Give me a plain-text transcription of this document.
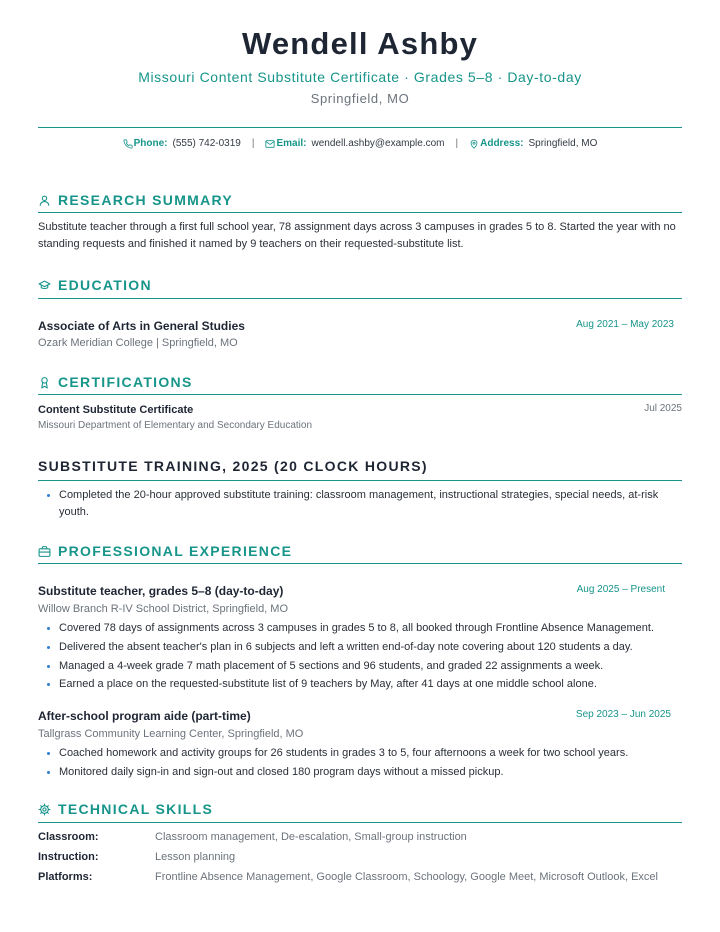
Wendell Ashby
Missouri Content Substitute Certificate · Grades 5–8 · Day-to-day
Springfield, MO
Phone: (555) 742-0319 | Email: wendell.ashby@example.com | Address: Springfield, MO
RESEARCH SUMMARY
Substitute teacher through a first full school year, 78 assignment days across 3 campuses in grades 5 to 8. Started the year with no standing requests and finished it named by 9 teachers on their requested-substitute list.
EDUCATION
Associate of Arts in General Studies	Aug 2021 – May 2023
Ozark Meridian College | Springfield, MO
CERTIFICATIONS
Content Substitute Certificate	Jul 2025
Missouri Department of Elementary and Secondary Education
SUBSTITUTE TRAINING, 2025 (20 CLOCK HOURS)
Completed the 20-hour approved substitute training: classroom management, instructional strategies, special needs, at-risk youth.
PROFESSIONAL EXPERIENCE
Substitute teacher, grades 5–8 (day-to-day)	Aug 2025 – Present
Willow Branch R-IV School District, Springfield, MO
Covered 78 days of assignments across 3 campuses in grades 5 to 8, all booked through Frontline Absence Management.
Delivered the absent teacher's plan in 6 subjects and left a written end-of-day note covering about 120 students a day.
Managed a 4-week grade 7 math placement of 5 sections and 96 students, and graded 22 assignments a week.
Earned a place on the requested-substitute list of 9 teachers by May, after 41 days at one middle school alone.
After-school program aide (part-time)	Sep 2023 – Jun 2025
Tallgrass Community Learning Center, Springfield, MO
Coached homework and activity groups for 26 students in grades 3 to 5, four afternoons a week for two school years.
Monitored daily sign-in and sign-out and closed 180 program days without a missed pickup.
TECHNICAL SKILLS
Classroom:	Classroom management, De-escalation, Small-group instruction
Instruction:	Lesson planning
Platforms:	Frontline Absence Management, Google Classroom, Schoology, Google Meet, Microsoft Outlook, Excel
